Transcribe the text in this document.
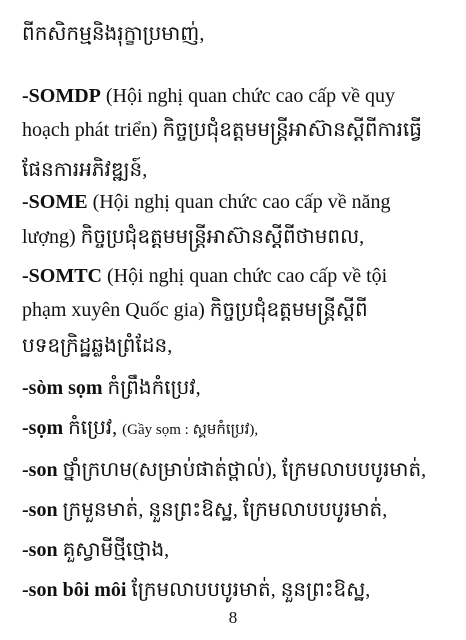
ពីកសិកម្មនិងរុក្ខាប្រមាញ់,

-SOMDP (Hội nghị quan chức cao cấp về quy

hoạch phát triển) កិច្ចប្រជុំឧត្តមមន្ត្រីអាស៊ានស្ដីពីការធ្វើ

ផែនការអភិវឌ្ឍន៍,

-SOME (Hội nghị quan chức cao cấp về năng

lượng) កិច្ចប្រជុំឧត្តមមន្ត្រីអាស៊ានស្ដីពីថាមពល,

-SOMTC (Hội nghị quan chức cao cấp về tội

phạm xuyên Quốc gia) កិច្ចប្រជុំឧត្តមមន្ត្រីស្ដីពី

បទឧក្រិដ្ឋឆ្លងព្រំដែន,

-sòm sọm កំព្រឹងកំប្រេវ,

-sọm កំប្រេវ, (Gầy sọm : ស្គមកំប្រេវ),

-son ថ្នាំក្រហម(សម្រាប់ផាត់ថ្ពាល់), ក្រែមលាបបបូរមាត់,

-son ក្រមួនមាត់, នួនព្រះឱស្ឋ, ក្រែមលាបបបូរមាត់,

-son គួស្វាមីថ្មីថ្មោង,

-son bôi môi ក្រែមលាបបបូរមាត់, នួនព្រះឱស្ឋ,

8
